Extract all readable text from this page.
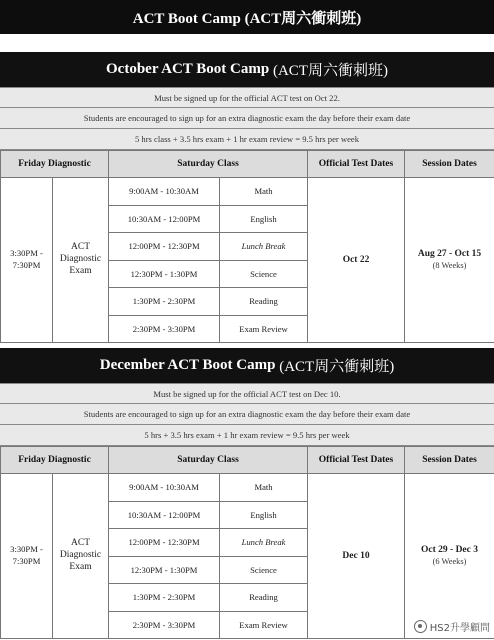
ACT Boot Camp (ACT周六衝刺班)
October ACT Boot Camp
(ACT周六衝刺班)
Must be signed up for the official ACT test on Oct 22.
Students are encouraged to sign up for an extra diagnostic exam the day before their exam date
5 hrs class + 3.5 hrs exam + 1 hr exam review = 9.5 hrs per week
Friday Diagnostic		Saturday Class		Official Test Dates	Session Dates
3:30PM -
7:30PM	ACT
Diagnostic
Exam	9:00AM - 10:30AM	Math	Oct 22	Aug 27 - Oct 15
(8 Weeks)

		10:30AM - 12:00PM	English		
		12:00PM - 12:30PM	Lunch Break		
		12:30PM - 1:30PM	Science		
		1:30PM - 2:30PM	Reading		
		2:30PM - 3:30PM	Exam Review		
December ACT Boot Camp
(ACT周六衝刺班)
Must be signed up for the official ACT test on Dec 10.
Students are encouraged to sign up for an extra diagnostic exam the day before their exam date
5 hrs + 3.5 hrs exam + 1 hr exam review = 9.5 hrs per week
Friday Diagnostic		Saturday Class		Official Test Dates	Session Dates
3:30PM -
7:30PM	ACT
Diagnostic
Exam	9:00AM - 10:30AM	Math	Dec 10	Oct 29 - Dec 3
(6 Weeks)

		10:30AM - 12:00PM	English		
		12:00PM - 12:30PM	Lunch Break		
		12:30PM - 1:30PM	Science		
		1:30PM - 2:30PM	Reading		
		2:30PM - 3:30PM	Exam Review			HS2升學顧問
